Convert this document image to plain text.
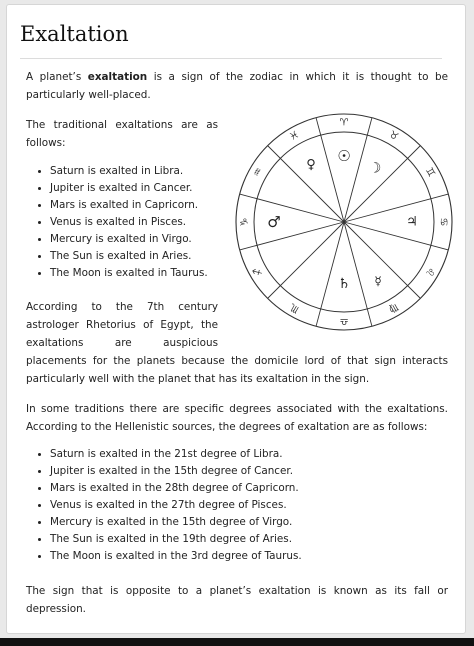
Exaltation

A planet’s exaltation is a sign of the zodiac in which it is thought to be particularly well-placed.

The traditional exaltations are as follows:

Saturn is exalted in Libra.
Jupiter is exalted in Cancer.
Mars is exalted in Capricorn.
Venus is exalted in Pisces.
Mercury is exalted in Virgo.
The Sun is exalted in Aries.
The Moon is exalted in Taurus.

According to the 7th century

astrologer Rhetorius of Egypt, the

exaltations are auspicious

placements for the planets because the domicile lord of that sign interacts particularly well with the planet that has its exaltation in the sign.

In some traditions there are specific degrees associated with the exaltations. According to the Hellenistic sources, the degrees of exaltation are as follows:

Saturn is exalted in the 21st degree of Libra.
Jupiter is exalted in the 15th degree of Cancer.
Mars is exalted in the 28th degree of Capricorn.
Venus is exalted in the 27th degree of Pisces.
Mercury is exalted in the 15th degree of Virgo.
The Sun is exalted in the 19th degree of Aries.
The Moon is exalted in the 3rd degree of Taurus.

The sign that is opposite to a planet’s exaltation is known as its fall or depression.

♈
♓
♒
♑
♐
♏
♎
♍
♌
♋
♊
♉
☉
♀
♂
♄ ☿
♃
☽
